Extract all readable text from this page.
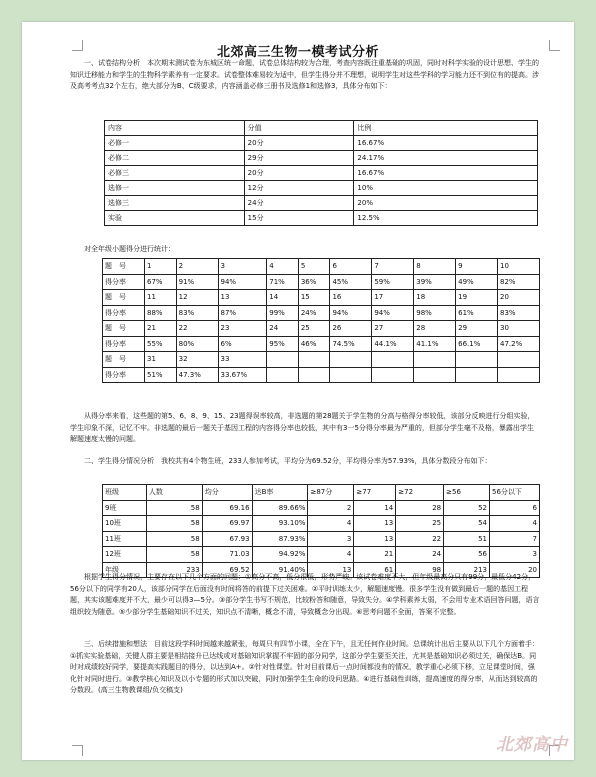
北郊高三生物一模考试分析

一、试卷结构分析　本次期末测试卷为东城区统一命题，试卷总体结构较为合理，考查内容既注重基础的巩固，同时对科学实验的设计思想、学生的知识迁移能力和学生的生物科学素养有一定要求。试卷整体难易较为适中，但学生得分并不理想，说明学生对这些学科的学习能力还不到位有的提高。涉及高考考点32个左右，绝大部分为B、C级要求，内容涵盖必修三册书及选修1和选修3，具体分布如下：

内容	分值	比例
必修一	20分	16.67%
必修二	29分	24.17%
必修三	20分	16.67%
选修一	12分	10%
选修三	24分	20%
实验	15分	12.5%

对全年级小题得分进行统计：

题　号	1	2	3	4	5	6	7	8	9	10
得分率	67%	91%	94%	71%	36%	45%	59%	39%	49%	82%
题　号	11	12	13	14	15	16	17	18	19	20
得分率	88%	83%	87%	99%	24%	94%	94%	98%	61%	83%
题　号	21	22	23	24	25	26	27	28	29	30
得分率	55%	80%	6%	95%	46%	74.5%	44.1%	41.1%	66.1%	47.2%
题　号	31	32	33							
得分率	51%	47.3%	33.67%							

从得分率来看，这些题的第5、6、8、9、15、23题得误率较高，非选题的第28题关于学生物的分高与格得分率较低，该部分反映进行分组实验，学生印象不深，记忆不牢。非选题的最后一题关于基因工程的内容得分率也较低，其中有3一5分得分率最为严重的，但部分学生毫不及格，暴露出学生解题速度太慢的问题。

二、学生得分情况分析　我校共有4个物生班，233人参加考试，平均分为69.52分，平均得分率为57.93%，具体分数段分布如下：

班级	人数	均分	达B率	≥87分	≥77	≥72	≥56	56分以下
9班	58	69.16	89.66%	2	14	28	52	6
10班	58	69.97	93.10%	4	13	25	54	4
11班	58	67.93	87.93%	3	13	22	51	7
12班	58	71.03	94.92%	4	21	24	56	3
年级	233	69.52	91.40%	13	61	98	213	20

根据学生得分情况，主要存在以下几个方面的问题：①高分不高，低分很低，形势严峻。该试卷难度不大，但年级最高分只有99分，最低分42分，56分以下的同学有20人，该部分同学在后面没有时间将答的前提下过关困难。②平时训练太少，解题速度慢。很多学生没有做到最后一题的基因工程题，其实该题难度并不大，最少可以得3—5分。③部分学生书写不规范，比较粉答和随意，导致失分。④学科素养太弱，不会用专业术语回答问题，语言组织较为随意。⑤少部分学生基础知识不过关，知识点不清晰，概念不清，导致概念分出现。⑥思考问题不全面，答案不完整。

三、后续措施和想法　目前这段学科时间越来越紧张，每周只有四节小课，全在下午，且无任何作业时间。总课统计出后主要从以下几个方面着手：①抓实实验基础，关键人群主要是相结接升已达线或对基础知识掌握不牢固的部分同学，这部分学生要至关注，尤其是基础知识必须过关，确保达B。同时对成绩较好同学，要提高实践题目的得分，以达到A+。②针对性课堂。针对目前课后一点时间都没有的情况，教学重心必须下移，立足课堂时间，强化针对同时进行。③教学核心知识及以小专题的形式加以突破，同时加强学生生命的设问思路。④进行基础性训练，提高速度的得分率，从而达到较高的分数段。(高三生物教课组/负交稿支)

北郊高中
